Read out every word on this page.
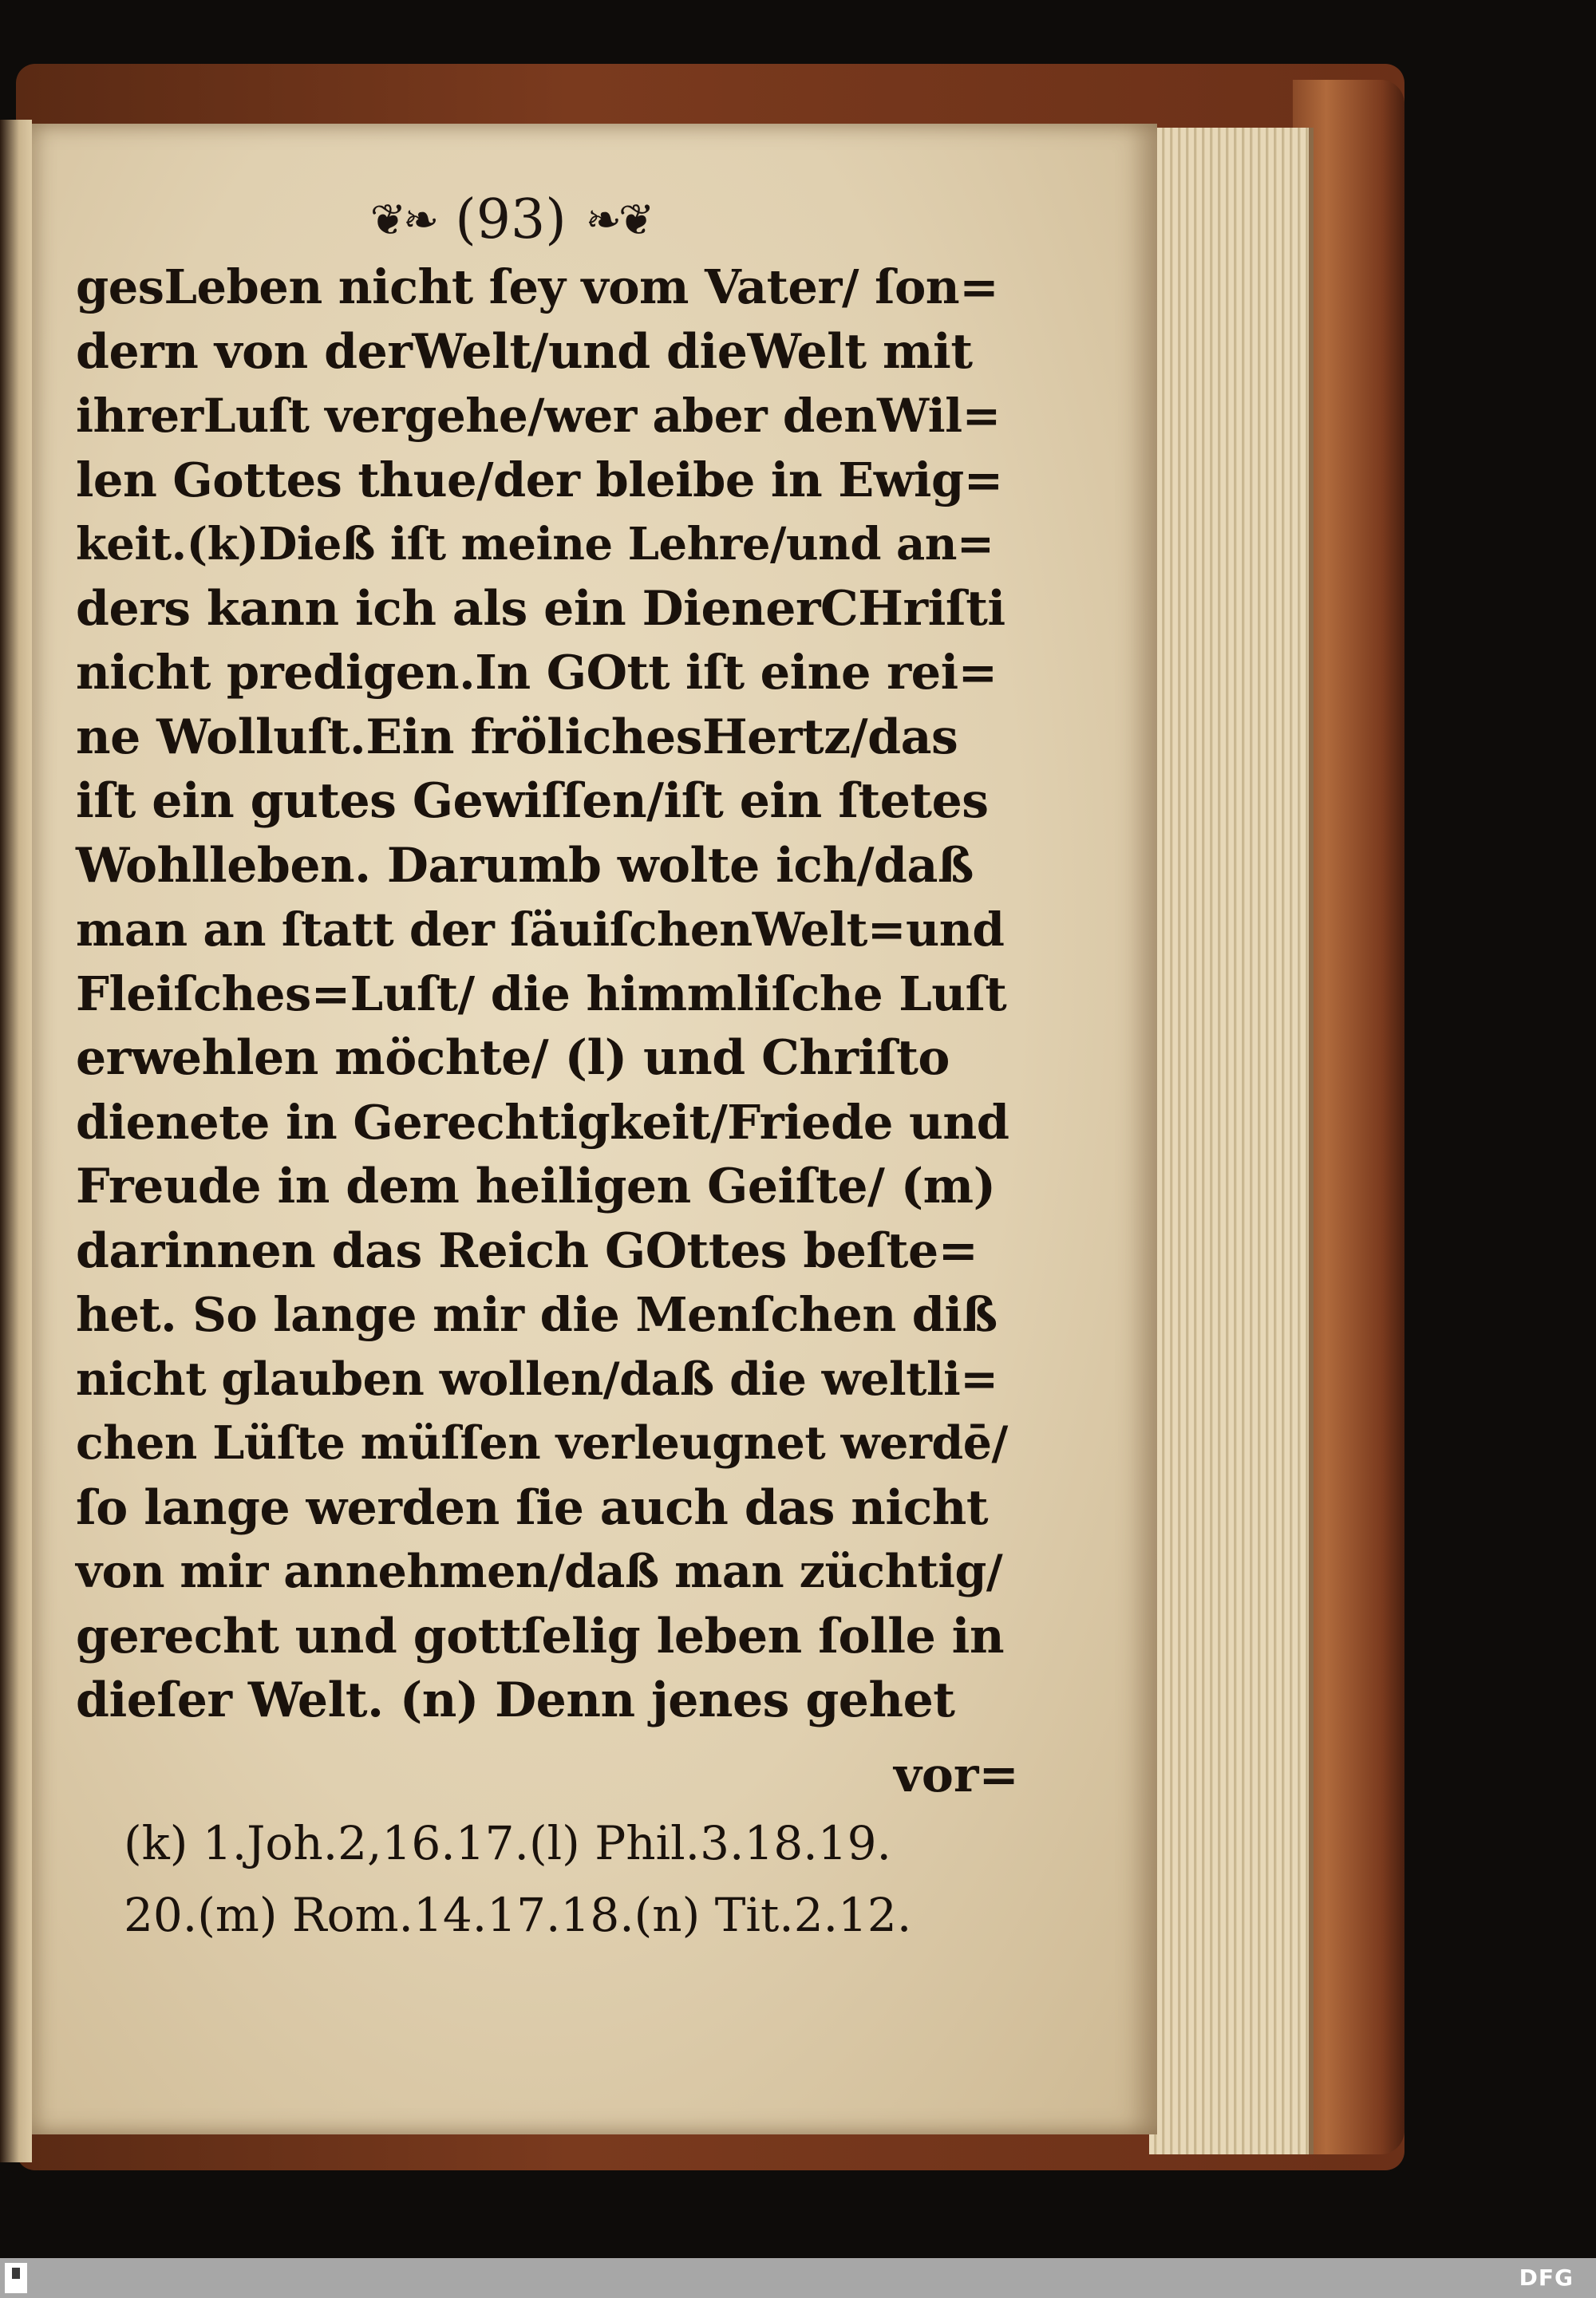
❦❧ (93) ❧❦
gesLeben nicht ſey vom Vater/ ſon=
dern von derWelt/und dieWelt mit
ihrerLuſt vergehe/wer aber denWil=
len Gottes thue/der bleibe in Ewig=
keit.(k)Dieß iſt meine Lehre/und an=
ders kann ich als ein DienerCHriſti
nicht predigen.In GOtt iſt eine rei=
ne Wolluſt.Ein frölichesHertz/das
iſt ein gutes Gewiſſen/iſt ein ſtetes
Wohlleben. Darumb wolte ich/daß
man an ſtatt der ſäuiſchenWelt=und
Fleiſches=Luſt/ die himmliſche Luſt
erwehlen möchte/ (l) und Chriſto
dienete in Gerechtigkeit/Friede und
Freude in dem heiligen Geiſte/ (m)
darinnen das Reich GOttes beſte=
het. So lange mir die Menſchen diß
nicht glauben wollen/daß die weltli=
chen Lüſte müſſen verleugnet werdē/
ſo lange werden ſie auch das nicht
von mir annehmen/daß man züchtig/
gerecht und gottſelig leben ſolle in
dieſer Welt. (n) Denn jenes gehet
vor=
(k) 1.Joh.2,16.17.(l) Phil.3.18.19.
20.(m) Rom.14.17.18.(n) Tit.2.12.
DFG
